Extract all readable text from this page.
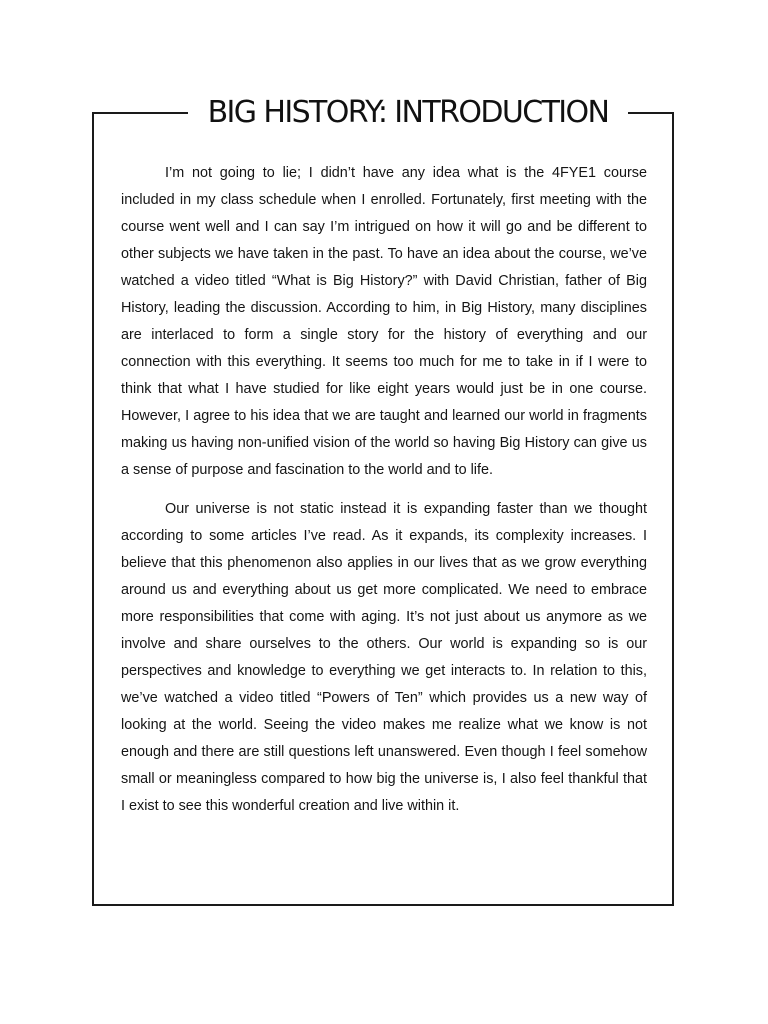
BIG HISTORY: INTRODUCTION

I’m not going to lie; I didn’t have any idea what is the 4FYE1 course included in my class schedule when I enrolled. Fortunately, first meeting with the course went well and I can say I’m intrigued on how it will go and be different to other subjects we have taken in the past. To have an idea about the course, we’ve watched a video titled “What is Big History?” with David Christian, father of Big History, leading the discussion. According to him, in Big History, many disciplines are interlaced to form a single story for the history of everything and our connection with this everything. It seems too much for me to take in if I were to think that what I have studied for like eight years would just be in one course. However, I agree to his idea that we are taught and learned our world in fragments making us having non-unified vision of the world so having Big History can give us a sense of purpose and fascination to the world and to life.

Our universe is not static instead it is expanding faster than we thought according to some articles I’ve read. As it expands, its complexity increases. I believe that this phenomenon also applies in our lives that as we grow everything around us and everything about us get more complicated. We need to embrace more responsibilities that come with aging. It’s not just about us anymore as we involve and share ourselves to the others. Our world is expanding so is our perspectives and knowledge to everything we get interacts to. In relation to this, we’ve watched a video titled “Powers of Ten” which provides us a new way of looking at the world. Seeing the video makes me realize what we know is not enough and there are still questions left unanswered. Even though I feel somehow small or meaningless compared to how big the universe is, I also feel thankful that I exist to see this wonderful creation and live within it.
